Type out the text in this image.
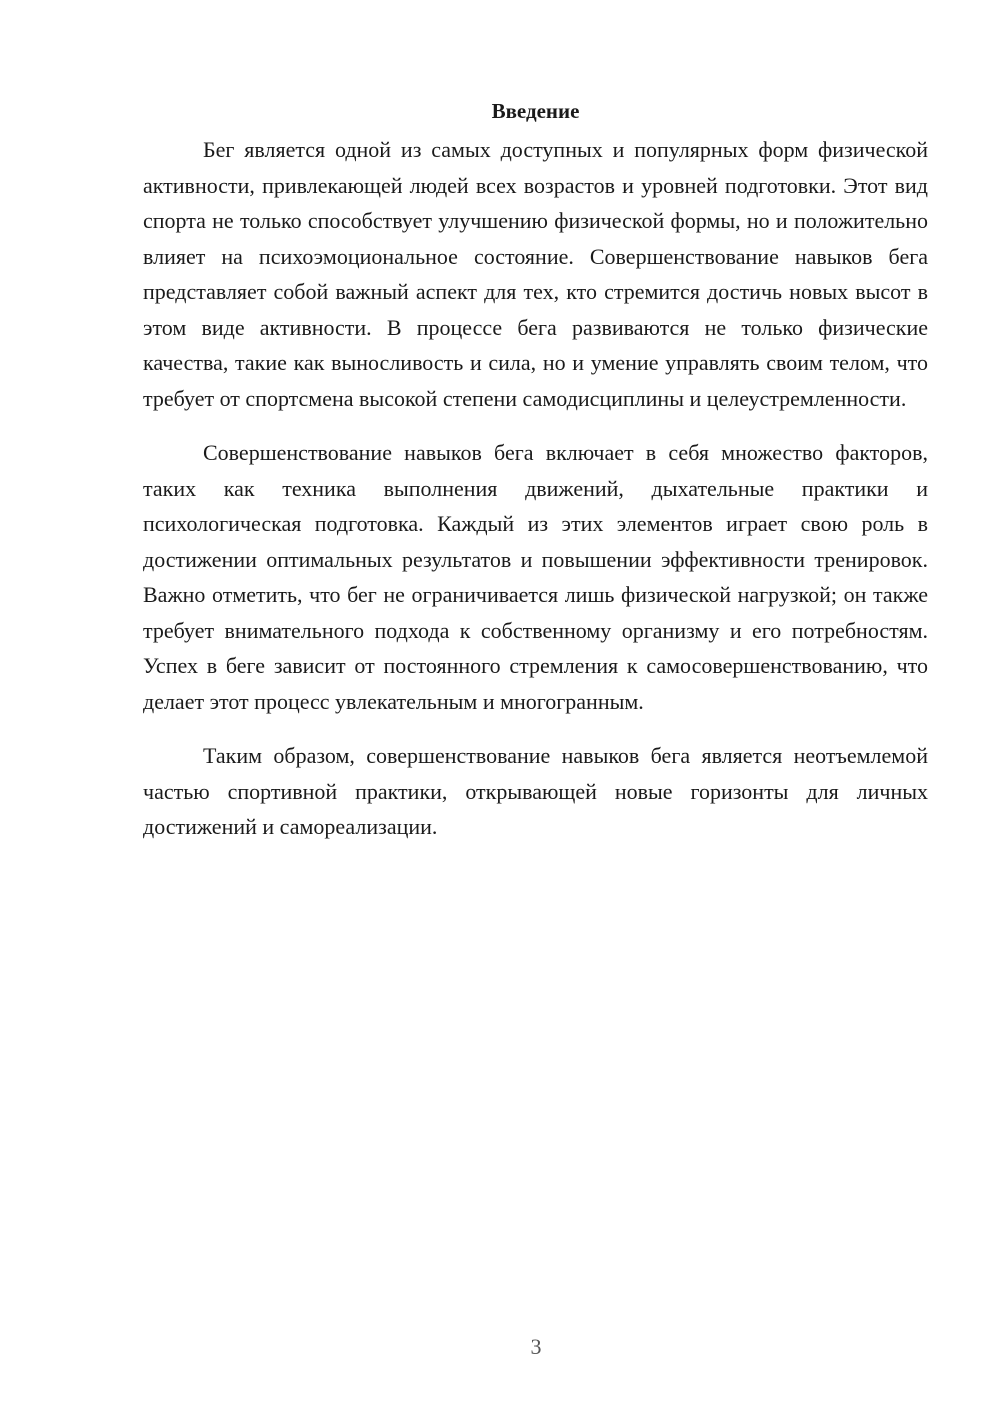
Введение

Бег является одной из самых доступных и популярных форм физической активности, привлекающей людей всех возрастов и уровней подготовки. Этот вид спорта не только способствует улучшению физической формы, но и положительно влияет на психоэмоциональное состояние. Совершенствование навыков бега представляет собой важный аспект для тех, кто стремится достичь новых высот в этом виде активности. В процессе бега развиваются не только физические качества, такие как выносливость и сила, но и умение управлять своим телом, что требует от спортсмена высокой степени самодисциплины и целеустремленности.

Совершенствование навыков бега включает в себя множество факторов, таких как техника выполнения движений, дыхательные практики и психологическая подготовка. Каждый из этих элементов играет свою роль в достижении оптимальных результатов и повышении эффективности тренировок. Важно отметить, что бег не ограничивается лишь физической нагрузкой; он также требует внимательного подхода к собственному организму и его потребностям. Успех в беге зависит от постоянного стремления к самосовершенствованию, что делает этот процесс увлекательным и многогранным.

Таким образом, совершенствование навыков бега является неотъемлемой частью спортивной практики, открывающей новые горизонты для личных достижений и самореализации.

3
